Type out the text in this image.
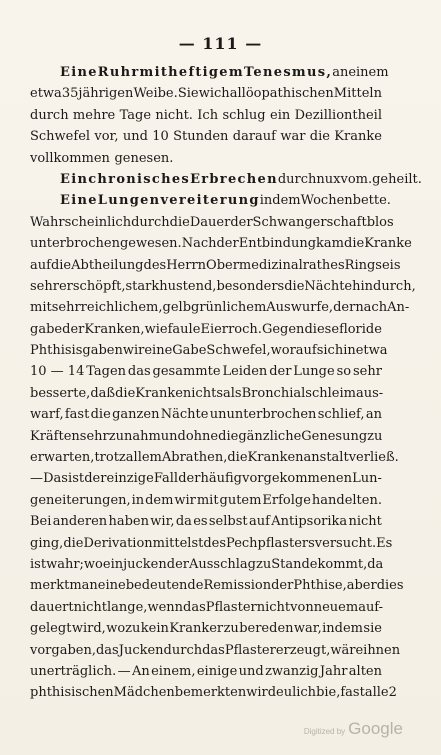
— 111 —
Eine Ruhr mit heftigem Tenesmus, an einem
etwa 35jährigen Weibe. Sie wich allöopathischen Mitteln
durch mehre Tage nicht. Ich schlug ein Dezilliontheil
Schwefel vor, und 10 Stunden darauf war die Kranke
vollkommen genesen.
Ein chronisches Erbrechen durch nux vom. geheilt.
Eine Lungenvereiterung in dem Wochenbette.
Wahrscheinlich durch die Dauer der Schwangerschaft blos
unterbrochen gewesen. Nach der Entbindung kam die Kranke
auf die Abtheilung des Herrn Obermedizinalrathes Ringseis
sehr erschöpft, stark hustend, besonders die Nächte hindurch,
mit sehr reichlichem, gelbgrünlichem Auswurfe, der nach An-
gabe der Kranken, wie faule Eier roch. Gegen diese floride
Phthisis gaben wir eine Gabe Schwefel, worauf sich in etwa
10 — 14 Tagen das gesammte Leiden der Lunge so sehr
besserte, daß die Kranke nichts als Bronchialschleim aus-
warf, fast die ganzen Nächte ununterbrochen schlief, an
Kräften sehr zunahm und ohne die gänzliche Genesung zu
erwarten, trotz allem Abrathen, die Krankenanstalt verließ.
— Das ist der einzige Fall der häufig vorgekommenen Lun-
geneiterungen, in dem wir mit gutem Erfolge handelten.
Bei anderen haben wir, da es selbst auf Antipsorika nicht
ging, die Derivation mittelst des Pechpflasters versucht. Es
ist wahr; wo ein juckender Ausschlag zu Stande kommt, da
merkt man eine bedeutende Remission der Phthise, aber dies
dauert nicht lange, wenn das Pflaster nicht von neuem auf-
gelegt wird, wozu kein Kranker zu bereden war, indem sie
vorgaben, das Jucken durch das Pflaster erzeugt, wäre ihnen
unerträglich. — An einem, einige und zwanzig Jahr alten
phthisischen Mädchen bemerkten wir deulich bie, fast alle 2
Digitized by Google
